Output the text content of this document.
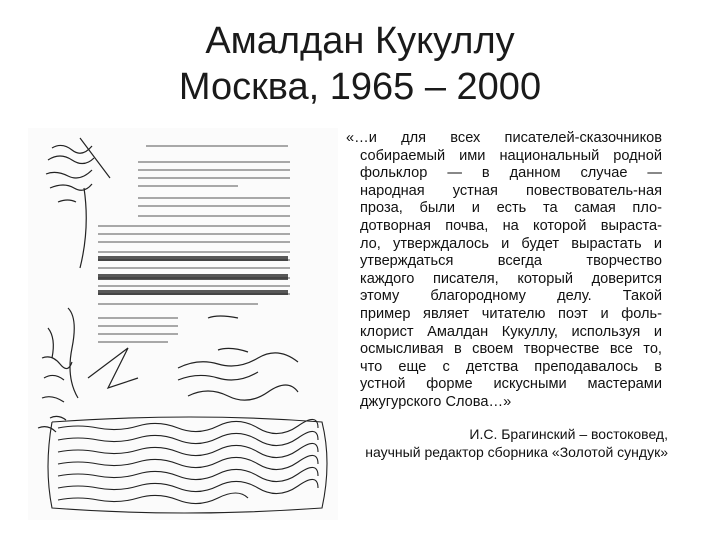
Амалдан Кукуллу
Москва, 1965 – 2000
«…и для всех писателей-сказочников
собираемый ими национальный родной
фольклор — в данном случае —
народная устная повествователь-ная
проза, были и есть та самая пло-
дотворная почва, на которой выраста-
ло, утверждалось и будет вырастать и
утверждаться всегда творчество
каждого писателя, который доверится
этому благородному делу. Такой
пример являет читателю поэт и фоль-
клорист Амалдан Кукуллу, используя и
осмысливая в своем творчестве все то,
что еще с детства преподавалось в
устной форме искусными мастерами
джугурского Слова…»
И.С. Брагинский – востоковед,
научный редактор сборника «Золотой сундук»
